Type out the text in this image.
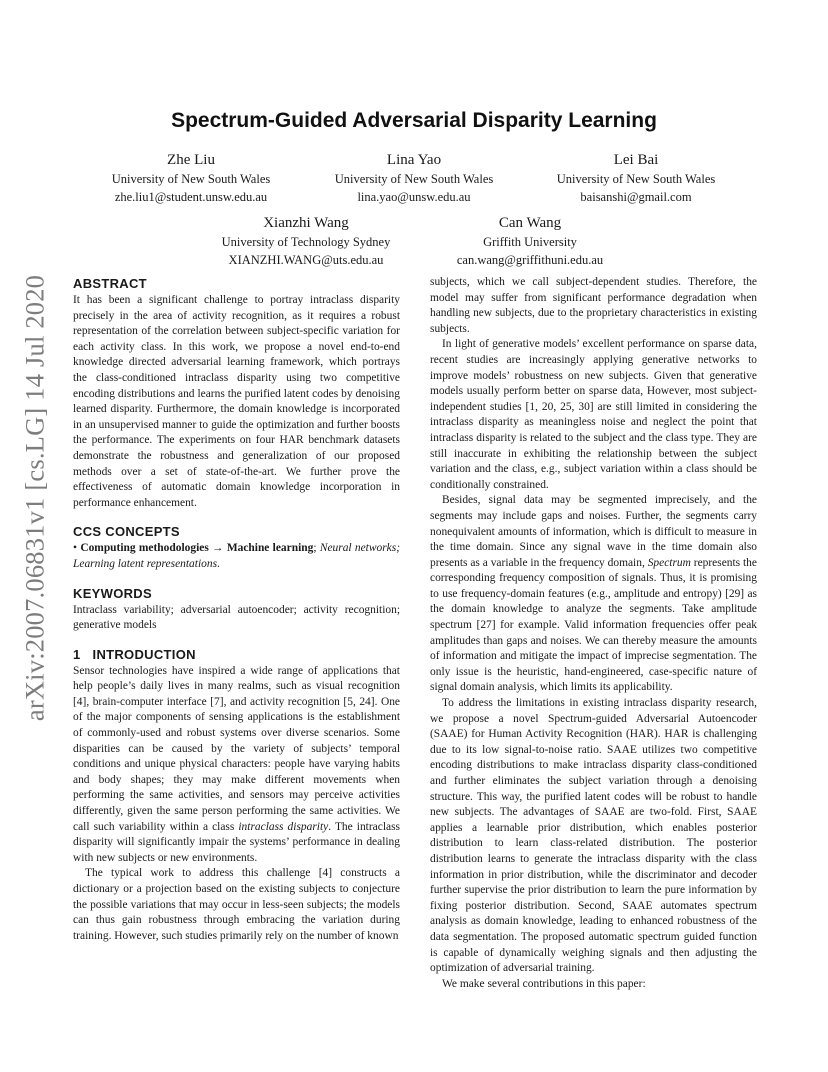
arXiv:2007.06831v1 [cs.LG] 14 Jul 2020
Spectrum-Guided Adversarial Disparity Learning
Zhe Liu
University of New South Wales
zhe.liu1@student.unsw.edu.au
Lina Yao
University of New South Wales
lina.yao@unsw.edu.au
Lei Bai
University of New South Wales
baisanshi@gmail.com
Xianzhi Wang
University of Technology Sydney
XIANZHI.WANG@uts.edu.au
Can Wang
Griffith University
can.wang@griffithuni.edu.au
ABSTRACT

It has been a significant challenge to portray intraclass disparity precisely in the area of activity recognition, as it requires a robust representation of the correlation between subject-specific variation for each activity class. In this work, we propose a novel end-to-end knowledge directed adversarial learning framework, which portrays the class-conditioned intraclass disparity using two competitive encoding distributions and learns the purified latent codes by denoising learned disparity. Furthermore, the domain knowledge is incorporated in an unsupervised manner to guide the optimization and further boosts the performance. The experiments on four HAR benchmark datasets demonstrate the robustness and generalization of our proposed methods over a set of state-of-the-art. We further prove the effectiveness of automatic domain knowledge incorporation in performance enhancement.

CCS CONCEPTS

• Computing methodologies → Machine learning; Neural networks; Learning latent representations.

KEYWORDS

Intraclass variability; adversarial autoencoder; activity recognition; generative models

1 INTRODUCTION

Sensor technologies have inspired a wide range of applications that help people’s daily lives in many realms, such as visual recognition [4], brain-computer interface [7], and activity recognition [5, 24]. One of the major components of sensing applications is the establishment of commonly-used and robust systems over diverse scenarios. Some disparities can be caused by the variety of subjects’ temporal conditions and unique physical characters: people have varying habits and body shapes; they may make different movements when performing the same activities, and sensors may perceive activities differently, given the same person performing the same activities. We call such variability within a class intraclass disparity. The intraclass disparity will significantly impair the systems’ performance in dealing with new subjects or new environments.

The typical work to address this challenge [4] constructs a dictionary or a projection based on the existing subjects to conjecture the possible variations that may occur in less-seen subjects; the models can thus gain robustness through embracing the variation during training. However, such studies primarily rely on the number of known

subjects, which we call subject-dependent studies. Therefore, the model may suffer from significant performance degradation when handling new subjects, due to the proprietary characteristics in existing subjects.

In light of generative models’ excellent performance on sparse data, recent studies are increasingly applying generative networks to improve models’ robustness on new subjects. Given that generative models usually perform better on sparse data, However, most subject-independent studies [1, 20, 25, 30] are still limited in considering the intraclass disparity as meaningless noise and neglect the point that intraclass disparity is related to the subject and the class type. They are still inaccurate in exhibiting the relationship between the subject variation and the class, e.g., subject variation within a class should be conditionally constrained.

Besides, signal data may be segmented imprecisely, and the segments may include gaps and noises. Further, the segments carry nonequivalent amounts of information, which is difficult to measure in the time domain. Since any signal wave in the time domain also presents as a variable in the frequency domain, Spectrum represents the corresponding frequency composition of signals. Thus, it is promising to use frequency-domain features (e.g., amplitude and entropy) [29] as the domain knowledge to analyze the segments. Take amplitude spectrum [27] for example. Valid information frequencies offer peak amplitudes than gaps and noises. We can thereby measure the amounts of information and mitigate the impact of imprecise segmentation. The only issue is the heuristic, hand-engineered, case-specific nature of signal domain analysis, which limits its applicability.

To address the limitations in existing intraclass disparity research, we propose a novel Spectrum-guided Adversarial Autoencoder (SAAE) for Human Activity Recognition (HAR). HAR is challenging due to its low signal-to-noise ratio. SAAE utilizes two competitive encoding distributions to make intraclass disparity class-conditioned and further eliminates the subject variation through a denoising structure. This way, the purified latent codes will be robust to handle new subjects. The advantages of SAAE are two-fold. First, SAAE applies a learnable prior distribution, which enables posterior distribution to learn class-related distribution. The posterior distribution learns to generate the intraclass disparity with the class information in prior distribution, while the discriminator and decoder further supervise the prior distribution to learn the pure information by fixing posterior distribution. Second, SAAE automates spectrum analysis as domain knowledge, leading to enhanced robustness of the data segmentation. The proposed automatic spectrum guided function is capable of dynamically weighing signals and then adjusting the optimization of adversarial training.

We make several contributions in this paper:
